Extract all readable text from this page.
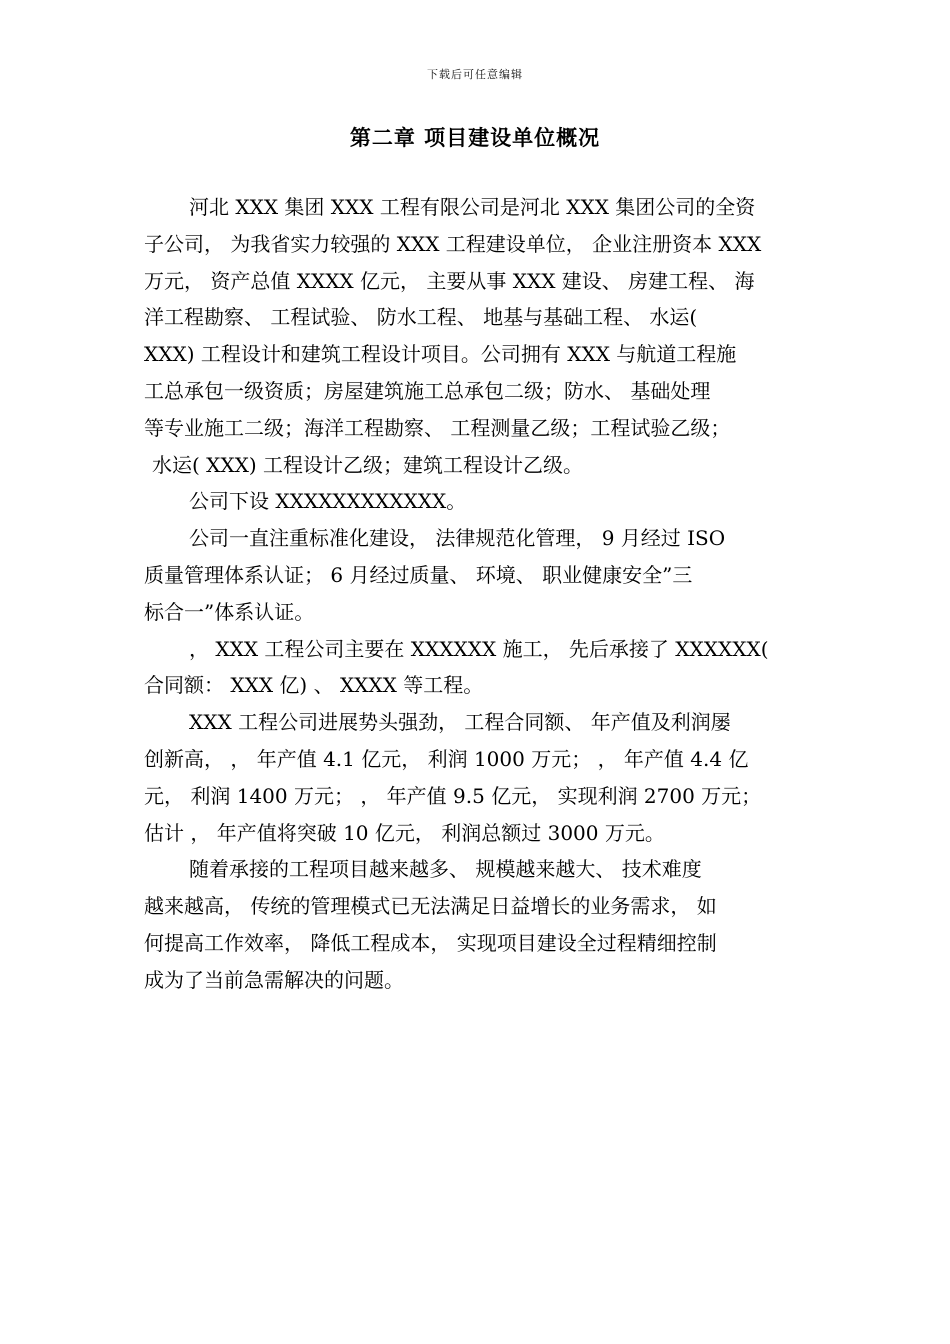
下载后可任意编辑
第二章 项目建设单位概况

河北 XXX 集团 XXX 工程有限公司是河北 XXX 集团公司的全资
子公司， 为我省实力较强的 XXX 工程建设单位， 企业注册资本 XXX
万元， 资产总值 XXXX 亿元， 主要从事 XXX 建设、 房建工程、 海
洋工程勘察、 工程试验、 防水工程、 地基与基础工程、 水运(
XXX) 工程设计和建筑工程设计项目。公司拥有 XXX 与航道工程施
工总承包一级资质；房屋建筑施工总承包二级；防水、 基础处理
等专业施工二级；海洋工程勘察、 工程测量乙级；工程试验乙级；
水运( XXX) 工程设计乙级；建筑工程设计乙级。

公司下设 XXXXXXXXXXXX。

公司一直注重标准化建设， 法律规范化管理， 9 月经过 ISO
质量管理体系认证； 6 月经过质量、 环境、 职业健康安全”三
标合一”体系认证。

， XXX 工程公司主要在 XXXXXX 施工， 先后承接了 XXXXXX(
合同额： XXX 亿) 、 XXXX 等工程。

XXX 工程公司进展势头强劲， 工程合同额、 年产值及利润屡
创新高， ， 年产值 4.1 亿元， 利润 1000 万元； ， 年产值 4.4 亿
元， 利润 1400 万元； ， 年产值 9.5 亿元， 实现利润 2700 万元；
估计 ， 年产值将突破 10 亿元， 利润总额过 3000 万元。

随着承接的工程项目越来越多、 规模越来越大、 技术难度
越来越高， 传统的管理模式已无法满足日益增长的业务需求， 如
何提高工作效率， 降低工程成本， 实现项目建设全过程精细控制
成为了当前急需解决的问题。
